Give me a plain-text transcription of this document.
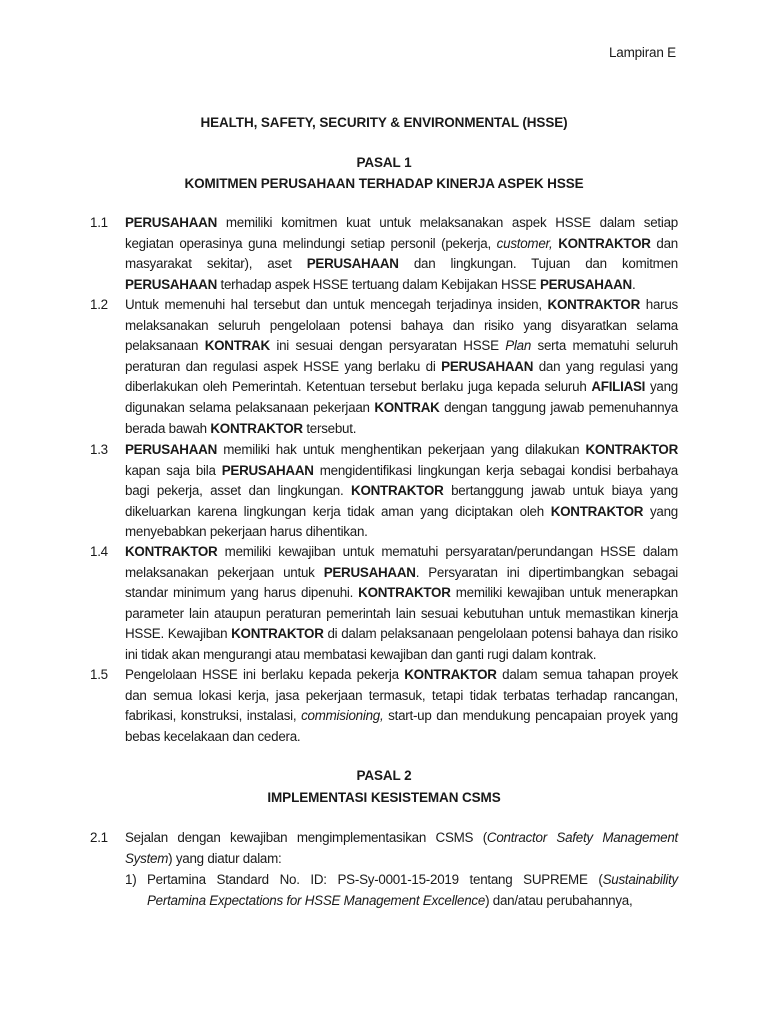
Lampiran E
HEALTH, SAFETY, SECURITY & ENVIRONMENTAL (HSSE)
PASAL 1
KOMITMEN PERUSAHAAN TERHADAP KINERJA ASPEK HSSE
1.1	PERUSAHAAN memiliki komitmen kuat untuk melaksanakan aspek HSSE dalam setiap kegiatan operasinya guna melindungi setiap personil (pekerja, customer, KONTRAKTOR dan masyarakat sekitar), aset PERUSAHAAN dan lingkungan. Tujuan dan komitmen PERUSAHAAN terhadap aspek HSSE tertuang dalam Kebijakan HSSE PERUSAHAAN.
1.2	Untuk memenuhi hal tersebut dan untuk mencegah terjadinya insiden, KONTRAKTOR harus melaksanakan seluruh pengelolaan potensi bahaya dan risiko yang disyaratkan selama pelaksanaan KONTRAK ini sesuai dengan persyaratan HSSE Plan serta mematuhi seluruh peraturan dan regulasi aspek HSSE yang berlaku di PERUSAHAAN dan yang regulasi yang diberlakukan oleh Pemerintah. Ketentuan tersebut berlaku juga kepada seluruh AFILIASI yang digunakan selama pelaksanaan pekerjaan KONTRAK dengan tanggung jawab pemenuhannya berada bawah KONTRAKTOR tersebut.
1.3	PERUSAHAAN memiliki hak untuk menghentikan pekerjaan yang dilakukan KONTRAKTOR kapan saja bila PERUSAHAAN mengidentifikasi lingkungan kerja sebagai kondisi berbahaya bagi pekerja, asset dan lingkungan. KONTRAKTOR bertanggung jawab untuk biaya yang dikeluarkan karena lingkungan kerja tidak aman yang diciptakan oleh KONTRAKTOR yang menyebabkan pekerjaan harus dihentikan.
1.4	KONTRAKTOR memiliki kewajiban untuk mematuhi persyaratan/perundangan HSSE dalam melaksanakan pekerjaan untuk PERUSAHAAN. Persyaratan ini dipertimbangkan sebagai standar minimum yang harus dipenuhi. KONTRAKTOR memiliki kewajiban untuk menerapkan parameter lain ataupun peraturan pemerintah lain sesuai kebutuhan untuk memastikan kinerja HSSE. Kewajiban KONTRAKTOR di dalam pelaksanaan pengelolaan potensi bahaya dan risiko ini tidak akan mengurangi atau membatasi kewajiban dan ganti rugi dalam kontrak.
1.5	Pengelolaan HSSE ini berlaku kepada pekerja KONTRAKTOR dalam semua tahapan proyek dan semua lokasi kerja, jasa pekerjaan termasuk, tetapi tidak terbatas terhadap rancangan, fabrikasi, konstruksi, instalasi, commisioning, start-up dan mendukung pencapaian proyek yang bebas kecelakaan dan cedera.
PASAL 2
IMPLEMENTASI KESISTEMAN CSMS
2.1	Sejalan dengan kewajiban mengimplementasikan CSMS (Contractor Safety Management System) yang diatur dalam:
1) Pertamina Standard No. ID: PS-Sy-0001-15-2019 tentang SUPREME (Sustainability Pertamina Expectations for HSSE Management Excellence) dan/atau perubahannya,
